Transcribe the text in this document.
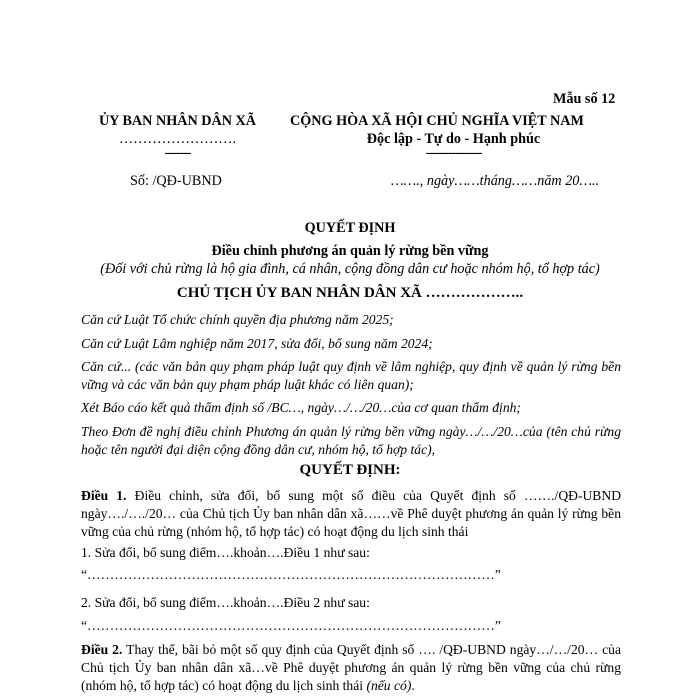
Mẫu số 12
ỦY BAN NHÂN DÂN XÃ
…………………….
-------
Số: /QĐ-UBND
CỘNG HÒA XÃ HỘI CHỦ NGHĨA VIỆT NAM
Độc lập - Tự do - Hạnh phúc
---------------
……., ngày……tháng……năm 20…..
QUYẾT ĐỊNH
Điều chỉnh phương án quản lý rừng bền vững
(Đối với chủ rừng là hộ gia đình, cá nhân, cộng đồng dân cư hoặc nhóm hộ, tổ hợp tác)
CHỦ TỊCH ỦY BAN NHÂN DÂN XÃ ………………..
Căn cứ Luật Tổ chức chính quyền địa phương năm 2025;
Căn cứ Luật Lâm nghiệp năm 2017, sửa đổi, bổ sung năm 2024;
Căn cứ... (các văn bản quy phạm pháp luật quy định về lâm nghiệp, quy định về quản lý rừng bền vững và các văn bản quy phạm pháp luật khác có liên quan);
Xét Báo cáo kết quả thẩm định số /BC…, ngày…/…/20…của cơ quan thẩm định;
Theo Đơn đề nghị điều chỉnh Phương án quản lý rừng bền vững ngày…/…/20…của (tên chủ rừng hoặc tên người đại diện cộng đồng dân cư, nhóm hộ, tổ hợp tác),
QUYẾT ĐỊNH:
Điều 1. Điều chỉnh, sửa đổi, bổ sung một số điều của Quyết định số ……./QĐ-UBND ngày…./…./20… của Chủ tịch Ủy ban nhân dân xã……về Phê duyệt phương án quản lý rừng bền vững của chủ rừng (nhóm hộ, tổ hợp tác) có hoạt động du lịch sinh thái
1. Sửa đổi, bổ sung điểm….khoản….Điều 1 như sau:
“………………………………………………………………………………”
2. Sửa đổi, bổ sung điểm….khoản….Điều 2 như sau:
“………………………………………………………………………………”
Điều 2. Thay thế, bãi bỏ một số quy định của Quyết định số …. /QĐ-UBND ngày…/…/20… của Chủ tịch Ủy ban nhân dân xã…về Phê duyệt phương án quản lý rừng bền vững của chủ rừng (nhóm hộ, tổ hợp tác) có hoạt động du lịch sinh thái (nếu có).
